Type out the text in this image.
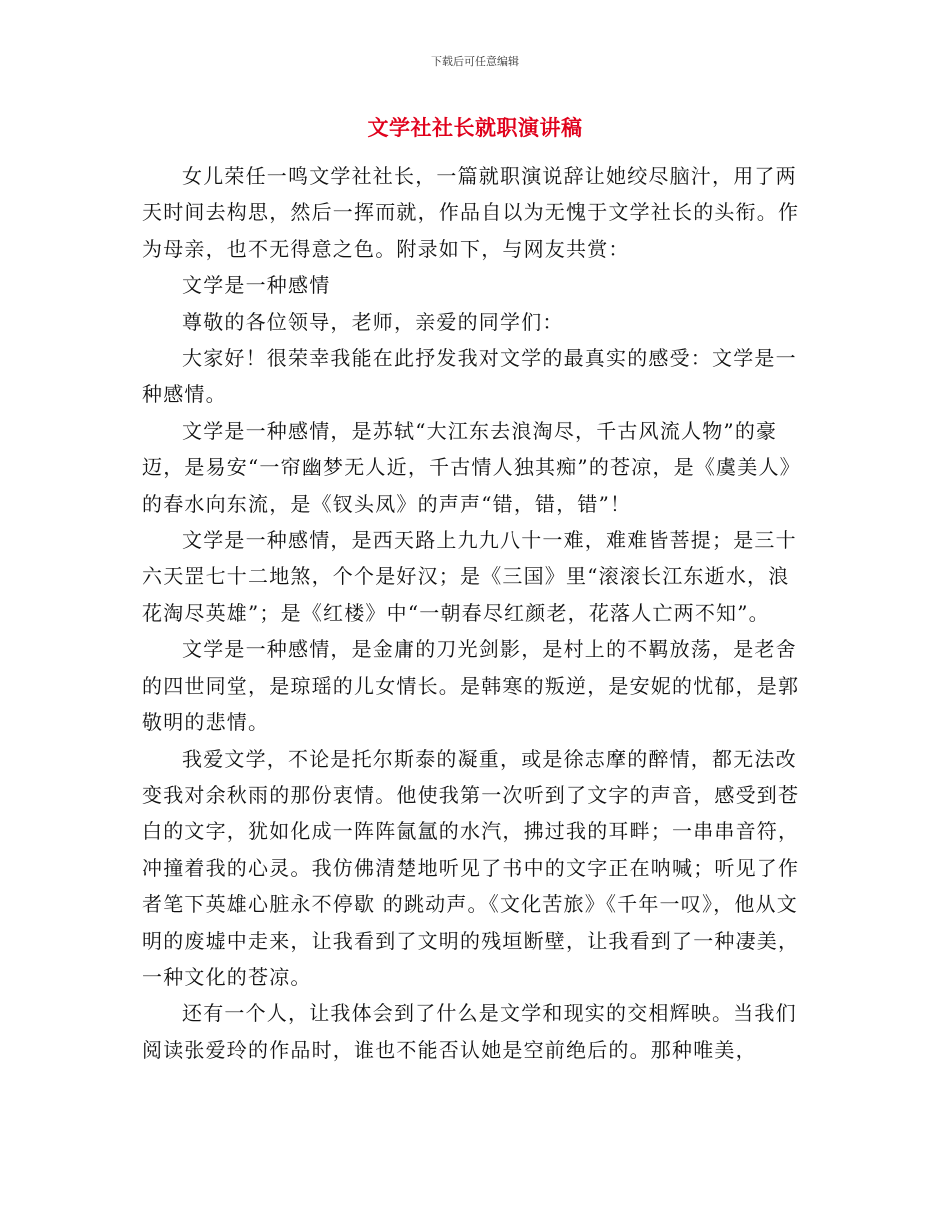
下载后可任意编辑
文学社社长就职演讲稿

女儿荣任一鸣文学社社长，一篇就职演说辞让她绞尽脑汁，用了两天时间去构思，然后一挥而就，作品自以为无愧于文学社长的头衔。作为母亲，也不无得意之色。附录如下，与网友共赏：

文学是一种感情

尊敬的各位领导，老师，亲爱的同学们：

大家好！很荣幸我能在此抒发我对文学的最真实的感受：文学是一种感情。

文学是一种感情，是苏轼“大江东去浪淘尽，千古风流人物”的豪迈，是易安“一帘幽梦无人近，千古情人独其痴”的苍凉，是《虞美人》的春水向东流，是《钗头凤》的声声“错，错，错”！

文学是一种感情，是西天路上九九八十一难，难难皆菩提；是三十六天罡七十二地煞，个个是好汉；是《三国》里“滚滚长江东逝水，浪花淘尽英雄”；是《红楼》中“一朝春尽红颜老，花落人亡两不知”。

文学是一种感情，是金庸的刀光剑影，是村上的不羁放荡，是老舍的四世同堂，是琼瑶的儿女情长。是韩寒的叛逆，是安妮的忧郁，是郭敬明的悲情。

我爱文学，不论是托尔斯泰的凝重，或是徐志摩的醉情，都无法改变我对余秋雨的那份衷情。他使我第一次听到了文字的声音，感受到苍白的文字，犹如化成一阵阵氤氲的水汽，拂过我的耳畔；一串串音符，冲撞着我的心灵。我仿佛清楚地听见了书中的文字正在呐喊；听见了作者笔下英雄心脏永不停歇 的跳动声。《文化苦旅》《千年一叹》，他从文明的废墟中走来，让我看到了文明的残垣断壁，让我看到了一种凄美，一种文化的苍凉。

还有一个人，让我体会到了什么是文学和现实的交相辉映。当我们阅读张爱玲的作品时，谁也不能否认她是空前绝后的。那种唯美，
